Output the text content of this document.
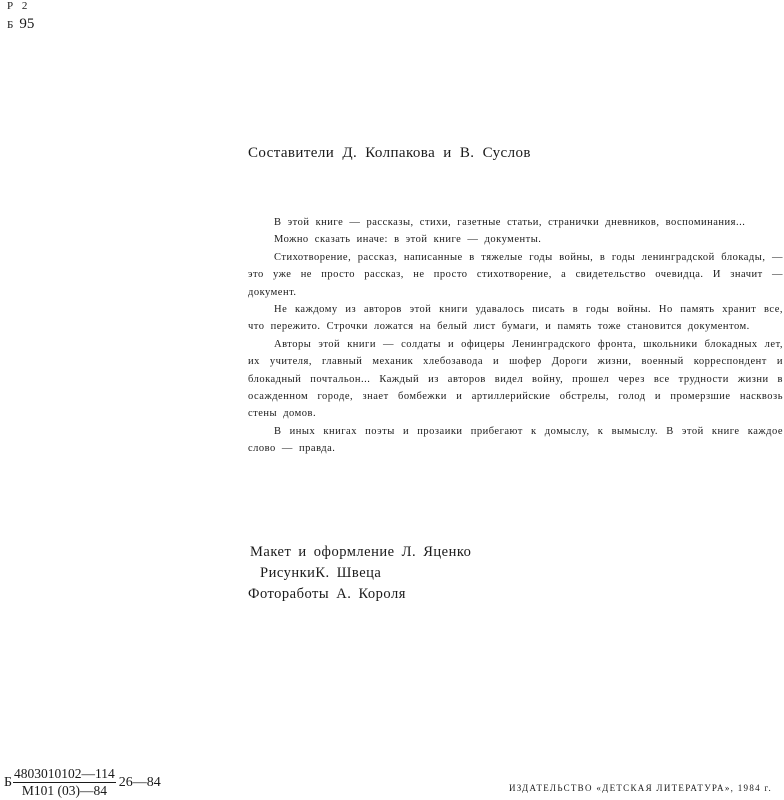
Р 2
Б 95
Составители Д. Колпакова и В. Суслов

В этой книге — рассказы, стихи, газетные статьи, странички дневников, воспоминания...

Можно сказать иначе: в этой книге — документы.

Стихотворение, рассказ, написанные в тяжелые годы войны, в годы ленинградской блокады, — это уже не просто рассказ, не просто стихотворение, а свидетельство очевидца. И значит — документ.

Не каждому из авторов этой книги удавалось писать в годы войны. Но память хранит все, что пережито. Строчки ложатся на белый лист бумаги, и память тоже становится документом.

Авторы этой книги — солдаты и офицеры Ленинградского фронта, школьники блокадных лет, их учителя, главный механик хлебозавода и шофер Дороги жизни, военный корреспондент и блокадный почтальон... Каждый из авторов видел войну, прошел через все трудности жизни в осажденном городе, знает бомбежки и артиллерийские обстрелы, голод и промерзшие насквозь стены домов.

В иных книгах поэты и прозаики прибегают к домыслу, к вымыслу. В этой книге каждое слово — правда.

Макет и оформление Л. Яценко
РисункиК. Швеца
Фотоработы А. Короля
Б $\frac{4803010102—114}{М101 (03)—84}$ 26—84	ИЗДАТЕЛЬСТВО «ДЕТСКАЯ ЛИТЕРАТУРА», 1984 г.
